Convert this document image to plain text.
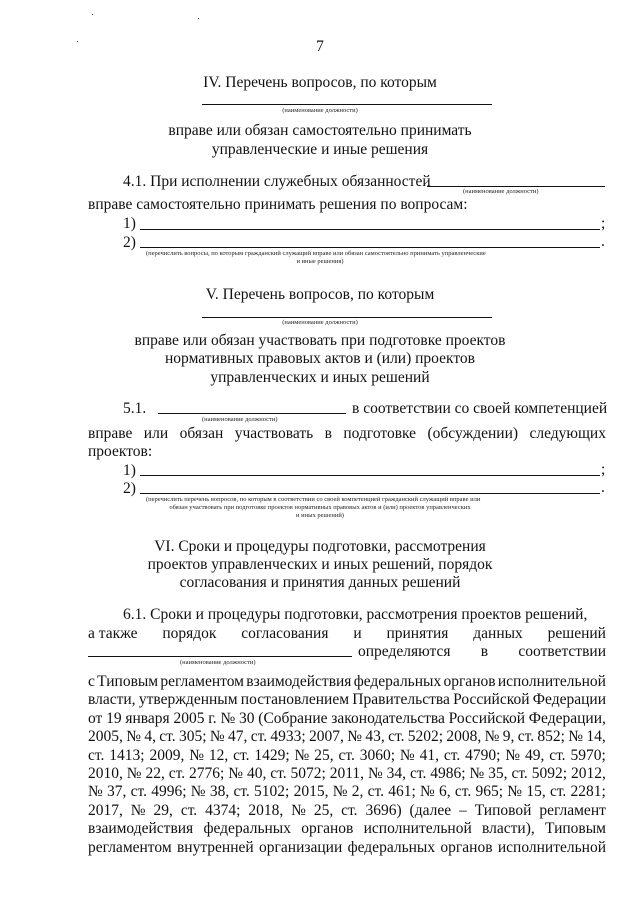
7
IV. Перечень вопросов, по которым
(наименование должности)
вправе или обязан самостоятельно принимать
управленческие и иные решения
4.1. При исполнении служебных обязанностей
(наименование должности)
вправе самостоятельно принимать решения по вопросам:
1)	;
2)	.
(перечислить вопросы, по которым гражданский служащий вправе или обязан самостоятельно принимать управленческие
и иные решения)
V. Перечень вопросов, по которым
(наименование должности)
вправе или обязан участвовать при подготовке проектов
нормативных правовых актов и (или) проектов
управленческих и иных решений
5.1.	в соответствии со своей компетенцией
(наименование должности)
вправе или обязан участвовать в подготовке (обсуждении) следующих
проектов:
1)	;
2)	.
(перечислить перечень вопросов, по которым в соответствии со своей компетенцией гражданский служащий вправе или
обязан участвовать при подготовке проектов нормативных правовых актов и (или) проектов управленческих
и иных решений)
VI. Сроки и процедуры подготовки, рассмотрения
проектов управленческих и иных решений, порядок
согласования и принятия данных решений
6.1. Сроки и процедуры подготовки, рассмотрения проектов решений,
а также порядок согласования и принятия данных решений
определяются в соответствии
(наименование должности)
с Типовым регламентом взаимодействия федеральных органов исполнительной
власти, утвержденным постановлением Правительства Российской Федерации
от 19 января 2005 г. № 30 (Собрание законодательства Российской Федерации,
2005, № 4, ст. 305; № 47, ст. 4933; 2007, № 43, ст. 5202; 2008, № 9, ст. 852; № 14,
ст. 1413; 2009, № 12, ст. 1429; № 25, ст. 3060; № 41, ст. 4790; № 49, ст. 5970;
2010, № 22, ст. 2776; № 40, ст. 5072; 2011, № 34, ст. 4986; № 35, ст. 5092; 2012,
№ 37, ст. 4996; № 38, ст. 5102; 2015, № 2, ст. 461; № 6, ст. 965; № 15, ст. 2281;
2017, № 29, ст. 4374; 2018, № 25, ст. 3696) (далее – Типовой регламент
взаимодействия федеральных органов исполнительной власти), Типовым
регламентом внутренней организации федеральных органов исполнительной
